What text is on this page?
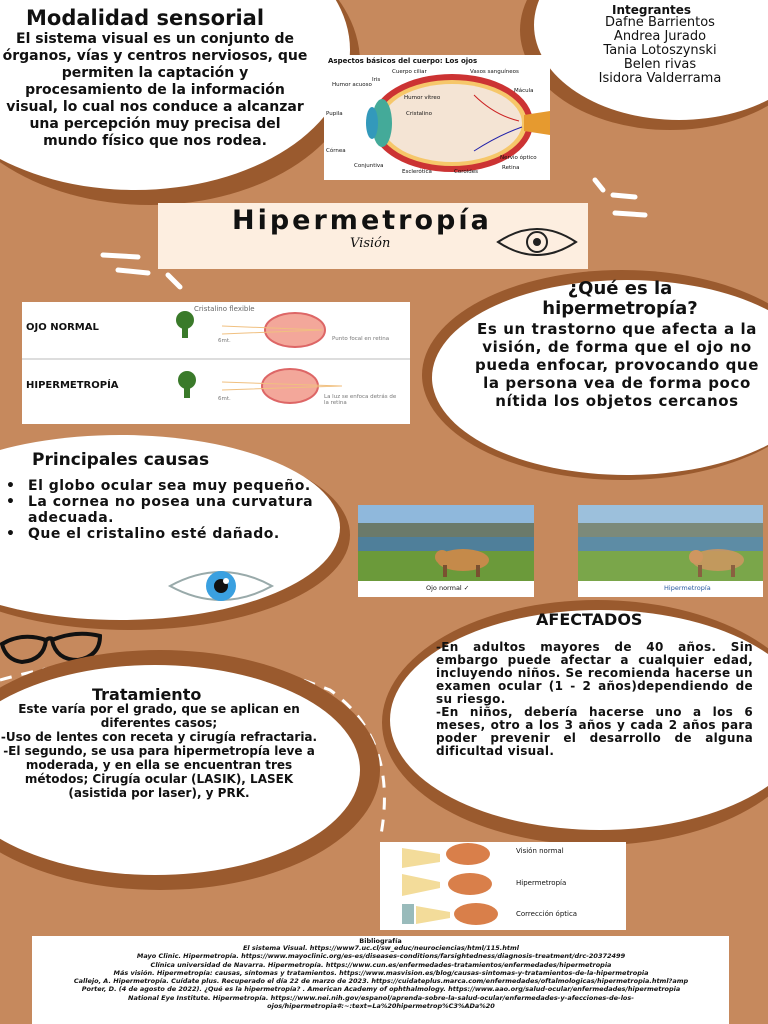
Modalidad sensorial

El sistema visual es un conjunto de órganos, vías y centros nerviosos, que permiten la captación y procesamiento de la información visual, lo cual nos conduce a alcanzar una percepción muy precisa del mundo físico que nos rodea.

Integrantes
Dafne Barrientos
Andrea Jurado
Tania Lotoszynski
Belen rivas
Isidora Valderrama
Aspectos básicos del cuerpo: Los ojos
Humor acuoso
Iris
Cuerpo ciliar	Vasos sanguíneos
Mácula
Humor vítreo
Pupila	Cristalino
Córnea
Conjuntiva
Esclerótica	Coroides
Retina
Nervio óptico
Hipermetropía
Visión
OJO NORMAL
HIPERMETROPÍA
Cristalino flexible
6mt.
6mt.
Punto focal en retina
La luz se enfoca detrás de la retina
¿Qué es la hipermetropía?

Es un trastorno que afecta a la visión, de forma que el ojo no pueda enfocar, provocando que la persona vea de forma poco nítida los objetos cercanos

Principales causas
• El globo ocular sea muy pequeño.
• La cornea no posea una curvatura adecuada.
• Que el cristalino esté dañado.
Ojo normal ✓	Hipermetropía
AFECTADOS

-En adultos mayores de 40 años. Sin embargo puede afectar a cualquier edad, incluyendo niños. Se recomienda hacerse un examen ocular (1 - 2 años)dependiendo de su riesgo.

-En niños, debería hacerse uno a los 6 meses, otro a los 3 años y cada 2 años para poder prevenir el desarrollo de alguna dificultad visual.

Tratamiento

Este varía por el grado, que se aplican en diferentes casos;
-Uso de lentes con receta y cirugía refractaria.
-El segundo, se usa para hipermetropía leve a moderada, y en ella se encuentran tres métodos; Cirugía ocular (LASIK), LASEK (asistida por laser), y PRK.

Visión normal
Hipermetropía
Corrección óptica
Bibliografía
El sistema Visual. https://www7.uc.cl/sw_educ/neurociencias/html/115.html
Mayo Clinic. Hipermetropía. https://www.mayoclinic.org/es-es/diseases-conditions/farsightedness/diagnosis-treatment/drc-20372499
Clínica universidad de Navarra. Hipermetropía. https://www.cun.es/enfermedades-tratamientos/enfermedades/hipermetropia
Más visión. Hipermetropía: causas, síntomas y tratamientos. https://www.masvision.es/blog/causas-sintomas-y-tratamientos-de-la-hipermetropia
Callejo, A. Hipermetropía. Cuídate plus. Recuperado el día 22 de marzo de 2023. https://cuidateplus.marca.com/enfermedades/oftalmologicas/hipermetropia.html?amp
Porter, D. (4 de agosto de 2022). ¿Qué es la hipermetropía? . American Academy of ophthalmology. https://www.aao.org/salud-ocular/enfermedades/hipermetropia
National Eye Institute. Hipermetropía. https://www.nei.nih.gov/espanol/aprenda-sobre-la-salud-ocular/enfermedades-y-afecciones-de-los-ojos/hipermetropia#:~:text=La%20hipermetrop%C3%ADa%20
